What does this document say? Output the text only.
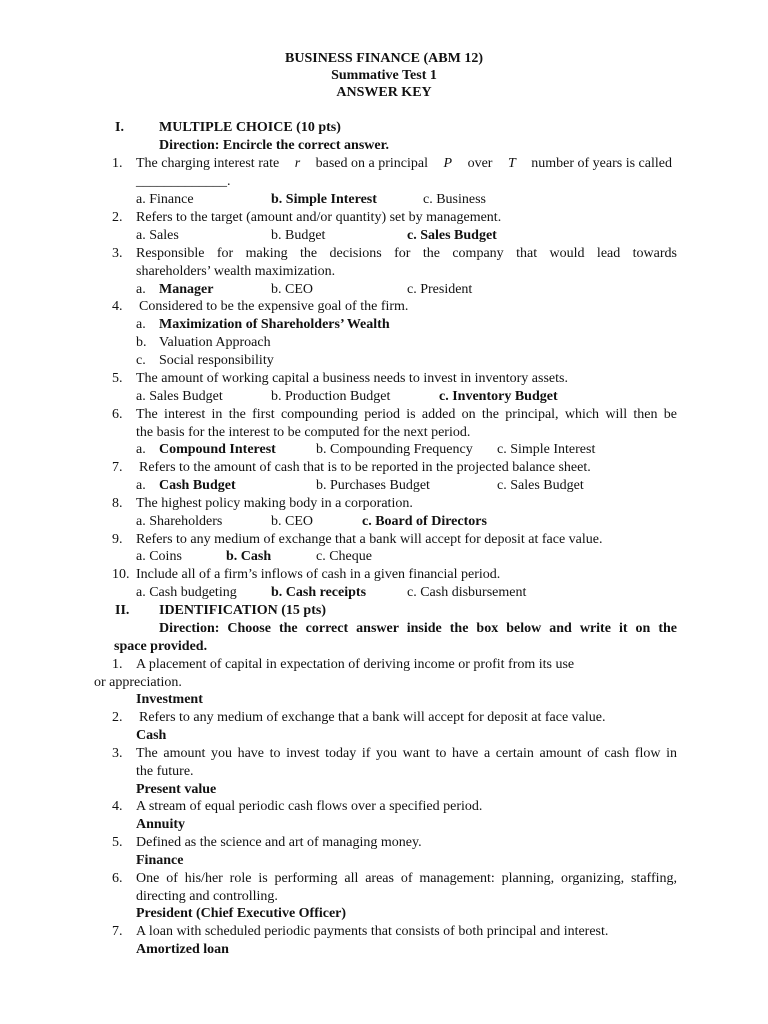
BUSINESS FINANCE (ABM 12)
Summative Test 1
ANSWER KEY
I.	MULTIPLE CHOICE (10 pts)
Direction: Encircle the correct answer.
1. The charging interest rate r based on a principal P over T number of years is called
_____________.
a. Finance	b. Simple Interest	c. Business
2. Refers to the target (amount and/or quantity) set by management.
a. Sales	b. Budget	c. Sales Budget
3. Responsible for making the decisions for the company that would lead towards
shareholders’ wealth maximization.
a. Manager	b. CEO	c. President
4. Considered to be the expensive goal of the firm.
a. Maximization of Shareholders’ Wealth
b. Valuation Approach
c. Social responsibility
5. The amount of working capital a business needs to invest in inventory assets.
a. Sales Budget	b. Production Budget	c. Inventory Budget
6. The interest in the first compounding period is added on the principal, which will then be
the basis for the interest to be computed for the next period.
a. Compound Interest	b. Compounding Frequency c. Simple Interest
7. Refers to the amount of cash that is to be reported in the projected balance sheet.
a. Cash Budget	b. Purchases Budget	c. Sales Budget
8. The highest policy making body in a corporation.
a. Shareholders	b. CEO	c. Board of Directors
9. Refers to any medium of exchange that a bank will accept for deposit at face value.
a. Coins	b. Cash	c. Cheque
10. Include all of a firm’s inflows of cash in a given financial period.
a. Cash budgeting b. Cash receipts	c. Cash disbursement
II. IDENTIFICATION (15 pts)
Direction: Choose the correct answer inside the box below and write it on the
space provided.
1. A placement of capital in expectation of deriving income or profit from its use
or appreciation.
Investment
2. Refers to any medium of exchange that a bank will accept for deposit at face value.
Cash
3. The amount you have to invest today if you want to have a certain amount of cash flow in
the future.
Present value
4. A stream of equal periodic cash flows over a specified period.
Annuity
5. Defined as the science and art of managing money.
Finance
6. One of his/her role is performing all areas of management: planning, organizing, staffing,
directing and controlling.
President (Chief Executive Officer)
7. A loan with scheduled periodic payments that consists of both principal and interest.
Amortized loan
